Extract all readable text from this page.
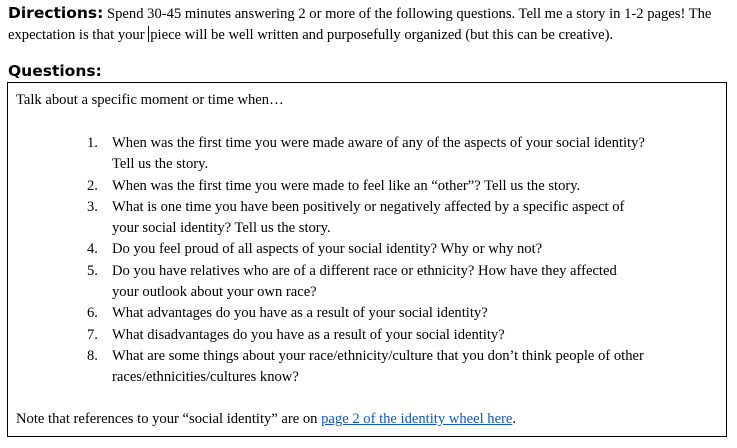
Directions: Spend 30-45 minutes answering 2 or more of the following questions. Tell me a story in 1-2 pages! The expectation is that your piece will be well written and purposefully organized (but this can be creative).
Questions:
Talk about a specific moment or time when…
1. When was the first time you were made aware of any of the aspects of your social identity? Tell us the story.
2. When was the first time you were made to feel like an “other”? Tell us the story.
3. What is one time you have been positively or negatively affected by a specific aspect of your social identity? Tell us the story.
4. Do you feel proud of all aspects of your social identity? Why or why not?
5. Do you have relatives who are of a different race or ethnicity? How have they affected your outlook about your own race?
6. What advantages do you have as a result of your social identity?
7. What disadvantages do you have as a result of your social identity?
8. What are some things about your race/ethnicity/culture that you don’t think people of other races/ethnicities/cultures know?
Note that references to your “social identity” are on page 2 of the identity wheel here.
